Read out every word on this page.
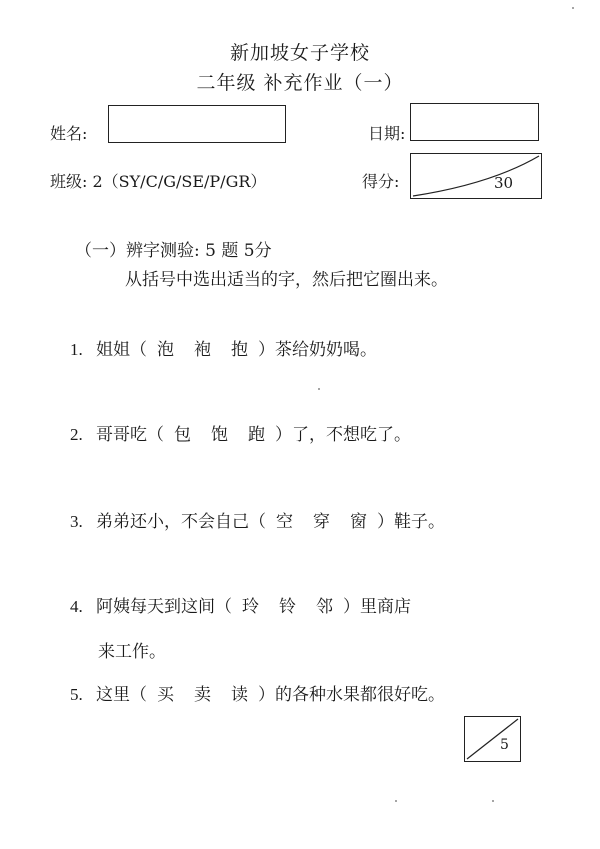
新加坡女子学校
二年级 补充作业（一）
姓名:	日期:
班级: 2（SY/C/G/SE/P/GR）	得分:	30
（一）辨字测验: 5 题 5分
从括号中选出适当的字，然后把它圈出来。
1. 姐姐（ 泡 袍 抱 ）茶给奶奶喝。
2. 哥哥吃（ 包 饱 跑 ）了，不想吃了。
3. 弟弟还小，不会自己（ 空 穿 窗 ）鞋子。
4. 阿姨每天到这间（ 玲 铃 邻 ）里商店
来工作。
5. 这里（ 买 卖 读 ）的各种水果都很好吃。
5
